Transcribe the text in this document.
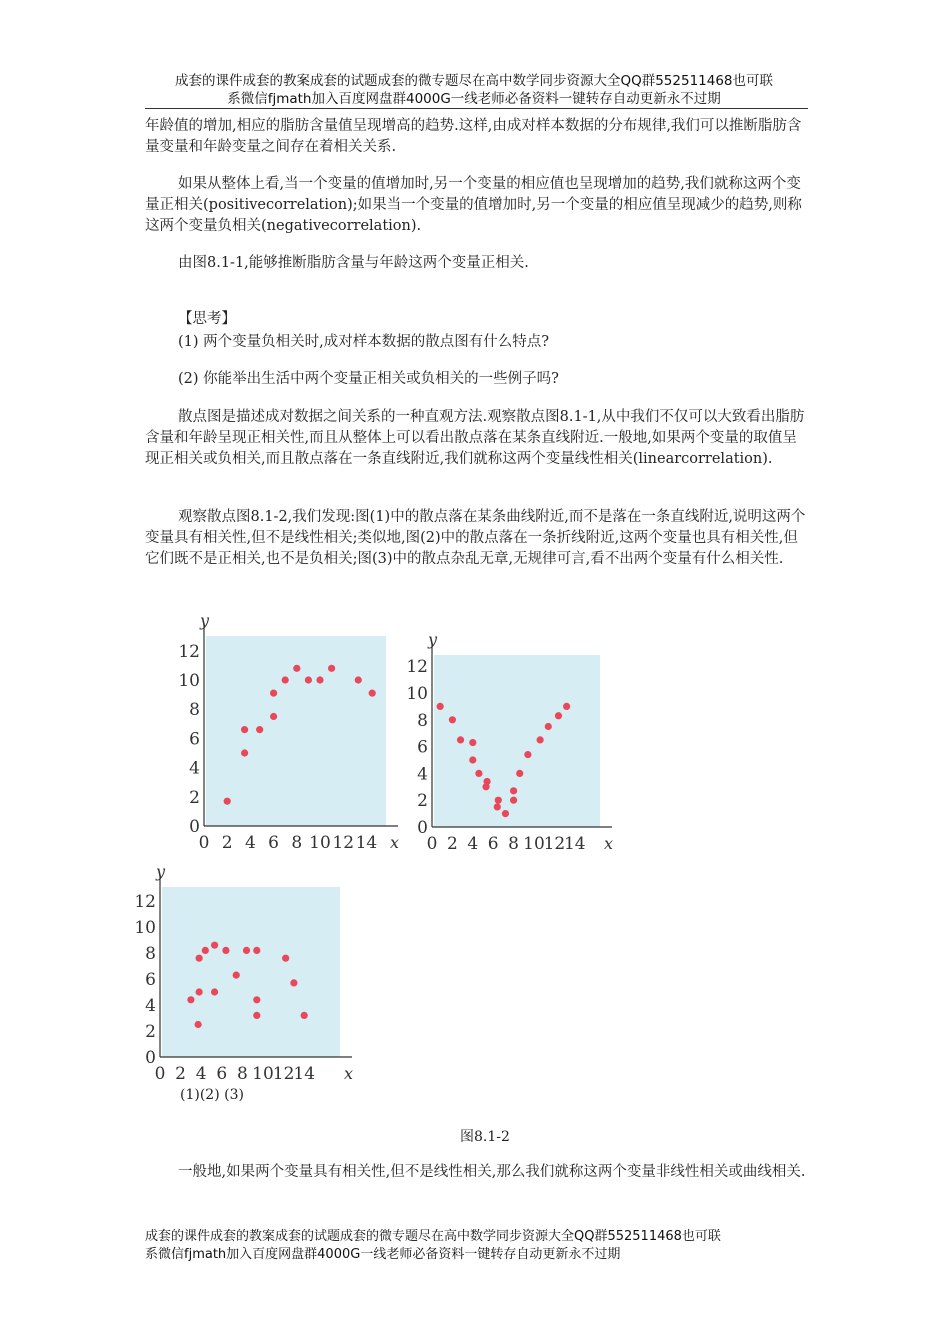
成套的课件成套的教案成套的试题成套的微专题尽在高中数学同步资源大全QQ群552511468也可联
系微信fjmath加入百度网盘群4000G一线老师必备资料一键转存自动更新永不过期

年龄值的增加,相应的脂肪含量值呈现增高的趋势.这样,由成对样本数据的分布规律,我们可以推断脂肪含量变量和年龄变量之间存在着相关关系.

如果从整体上看,当一个变量的值增加时,另一个变量的相应值也呈现增加的趋势,我们就称这两个变量正相关(positivecorrelation);如果当一个变量的值增加时,另一个变量的相应值呈现减少的趋势,则称这两个变量负相关(negativecorrelation).

由图8.1-1,能够推断脂肪含量与年龄这两个变量正相关.

【思考】

(1) 两个变量负相关时,成对样本数据的散点图有什么特点?

(2) 你能举出生活中两个变量正相关或负相关的一些例子吗?

散点图是描述成对数据之间关系的一种直观方法.观察散点图8.1-1,从中我们不仅可以大致看出脂肪含量和年龄呈现正相关性,而且从整体上可以看出散点落在某条直线附近.一般地,如果两个变量的取值呈现正相关或负相关,而且散点落在一条直线附近,我们就称这两个变量线性相关(linearcorrelation).

观察散点图8.1-2,我们发现:图(1)中的散点落在某条曲线附近,而不是落在一条直线附近,说明这两个变量具有相关性,但不是线性相关;类似地,图(2)中的散点落在一条折线附近,这两个变量也具有相关性,但它们既不是正相关,也不是负相关;图(3)中的散点杂乱无章,无规律可言,看不出两个变量有什么相关性.

0
2
4
6
8
10
12
0 2 4 6 8 10 12 14
y
x
0
2
4
6
8
10
12
0 2 4 6 8 10
12
14
y
x
0
2
4
6
8
10
12
0 2 4 6 8 10
12
14
y
x
(1)(2) (3)
图8.1-2

一般地,如果两个变量具有相关性,但不是线性相关,那么我们就称这两个变量非线性相关或曲线相关.

成套的课件成套的教案成套的试题成套的微专题尽在高中数学同步资源大全QQ群552511468也可联
系微信fjmath加入百度网盘群4000G一线老师必备资料一键转存自动更新永不过期
